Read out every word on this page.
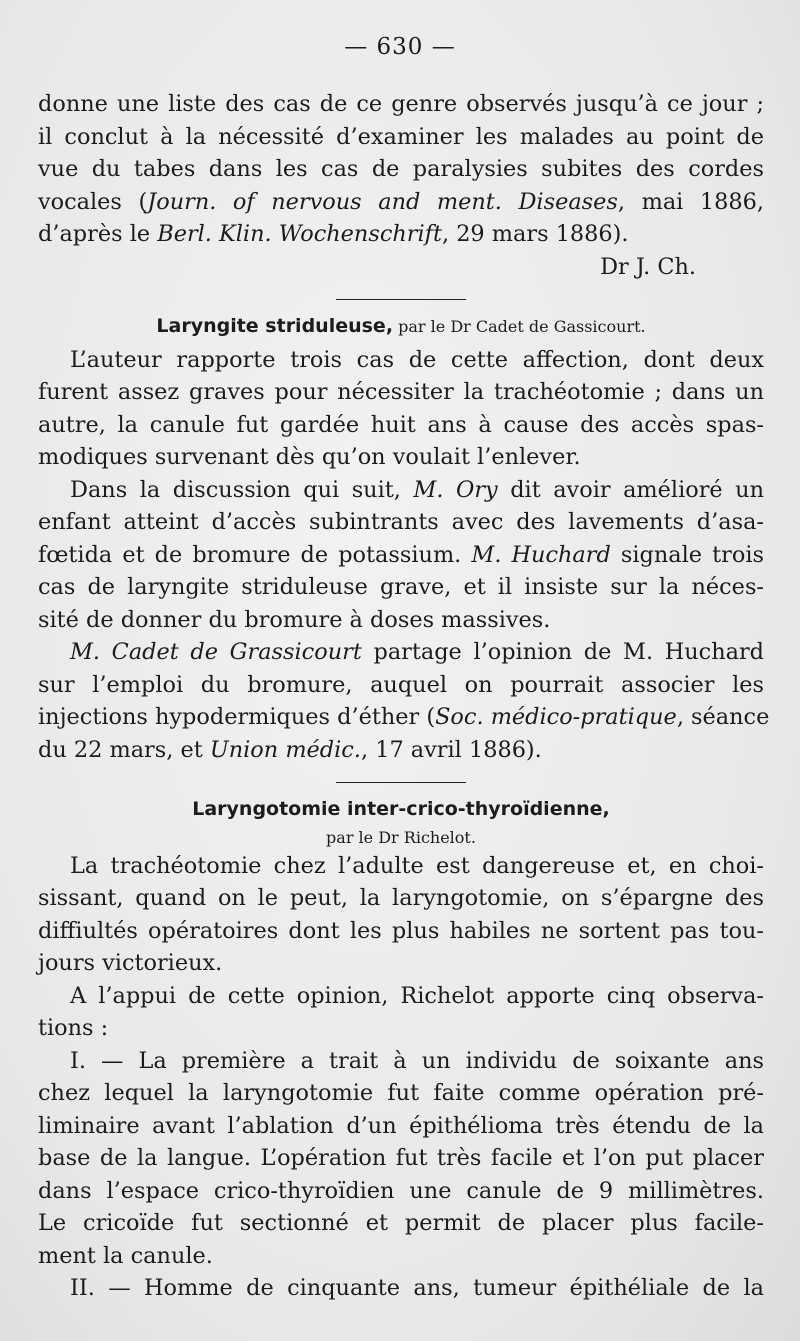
— 630 —
donne une liste des cas de ce genre observés jusqu’à ce jour ;
il conclut à la nécessité d’examiner les malades au point de
vue du tabes dans les cas de paralysies subites des cordes
vocales (Journ. of nervous and ment. Diseases, mai 1886,
d’après le Berl. Klin. Wochenschrift, 29 mars 1886).
Dr J. Ch.
Laryngite striduleuse, par le Dr Cadet de Gassicourt.
L’auteur rapporte trois cas de cette affection, dont deux
furent assez graves pour nécessiter la trachéotomie ; dans un
autre, la canule fut gardée huit ans à cause des accès spas-
modiques survenant dès qu’on voulait l’enlever.
Dans la discussion qui suit, M. Ory dit avoir amélioré un
enfant atteint d’accès subintrants avec des lavements d’asa-
fœtida et de bromure de potassium. M. Huchard signale trois
cas de laryngite striduleuse grave, et il insiste sur la néces-
sité de donner du bromure à doses massives.
M. Cadet de Grassicourt partage l’opinion de M. Huchard
sur l’emploi du bromure, auquel on pourrait associer les
injections hypodermiques d’éther (Soc. médico-pratique, séance
du 22 mars, et Union médic., 17 avril 1886).
Laryngotomie inter-crico-thyroïdienne,
par le Dr Richelot.
La trachéotomie chez l’adulte est dangereuse et, en choi-
sissant, quand on le peut, la laryngotomie, on s’épargne des
diffiultés opératoires dont les plus habiles ne sortent pas tou-
jours victorieux.
A l’appui de cette opinion, Richelot apporte cinq observa-
tions :
I. — La première a trait à un individu de soixante ans
chez lequel la laryngotomie fut faite comme opération pré-
liminaire avant l’ablation d’un épithélioma très étendu de la
base de la langue. L’opération fut très facile et l’on put placer
dans l’espace crico-thyroïdien une canule de 9 millimètres.
Le cricoïde fut sectionné et permit de placer plus facile-
ment la canule.
II. — Homme de cinquante ans, tumeur épithéliale de la
